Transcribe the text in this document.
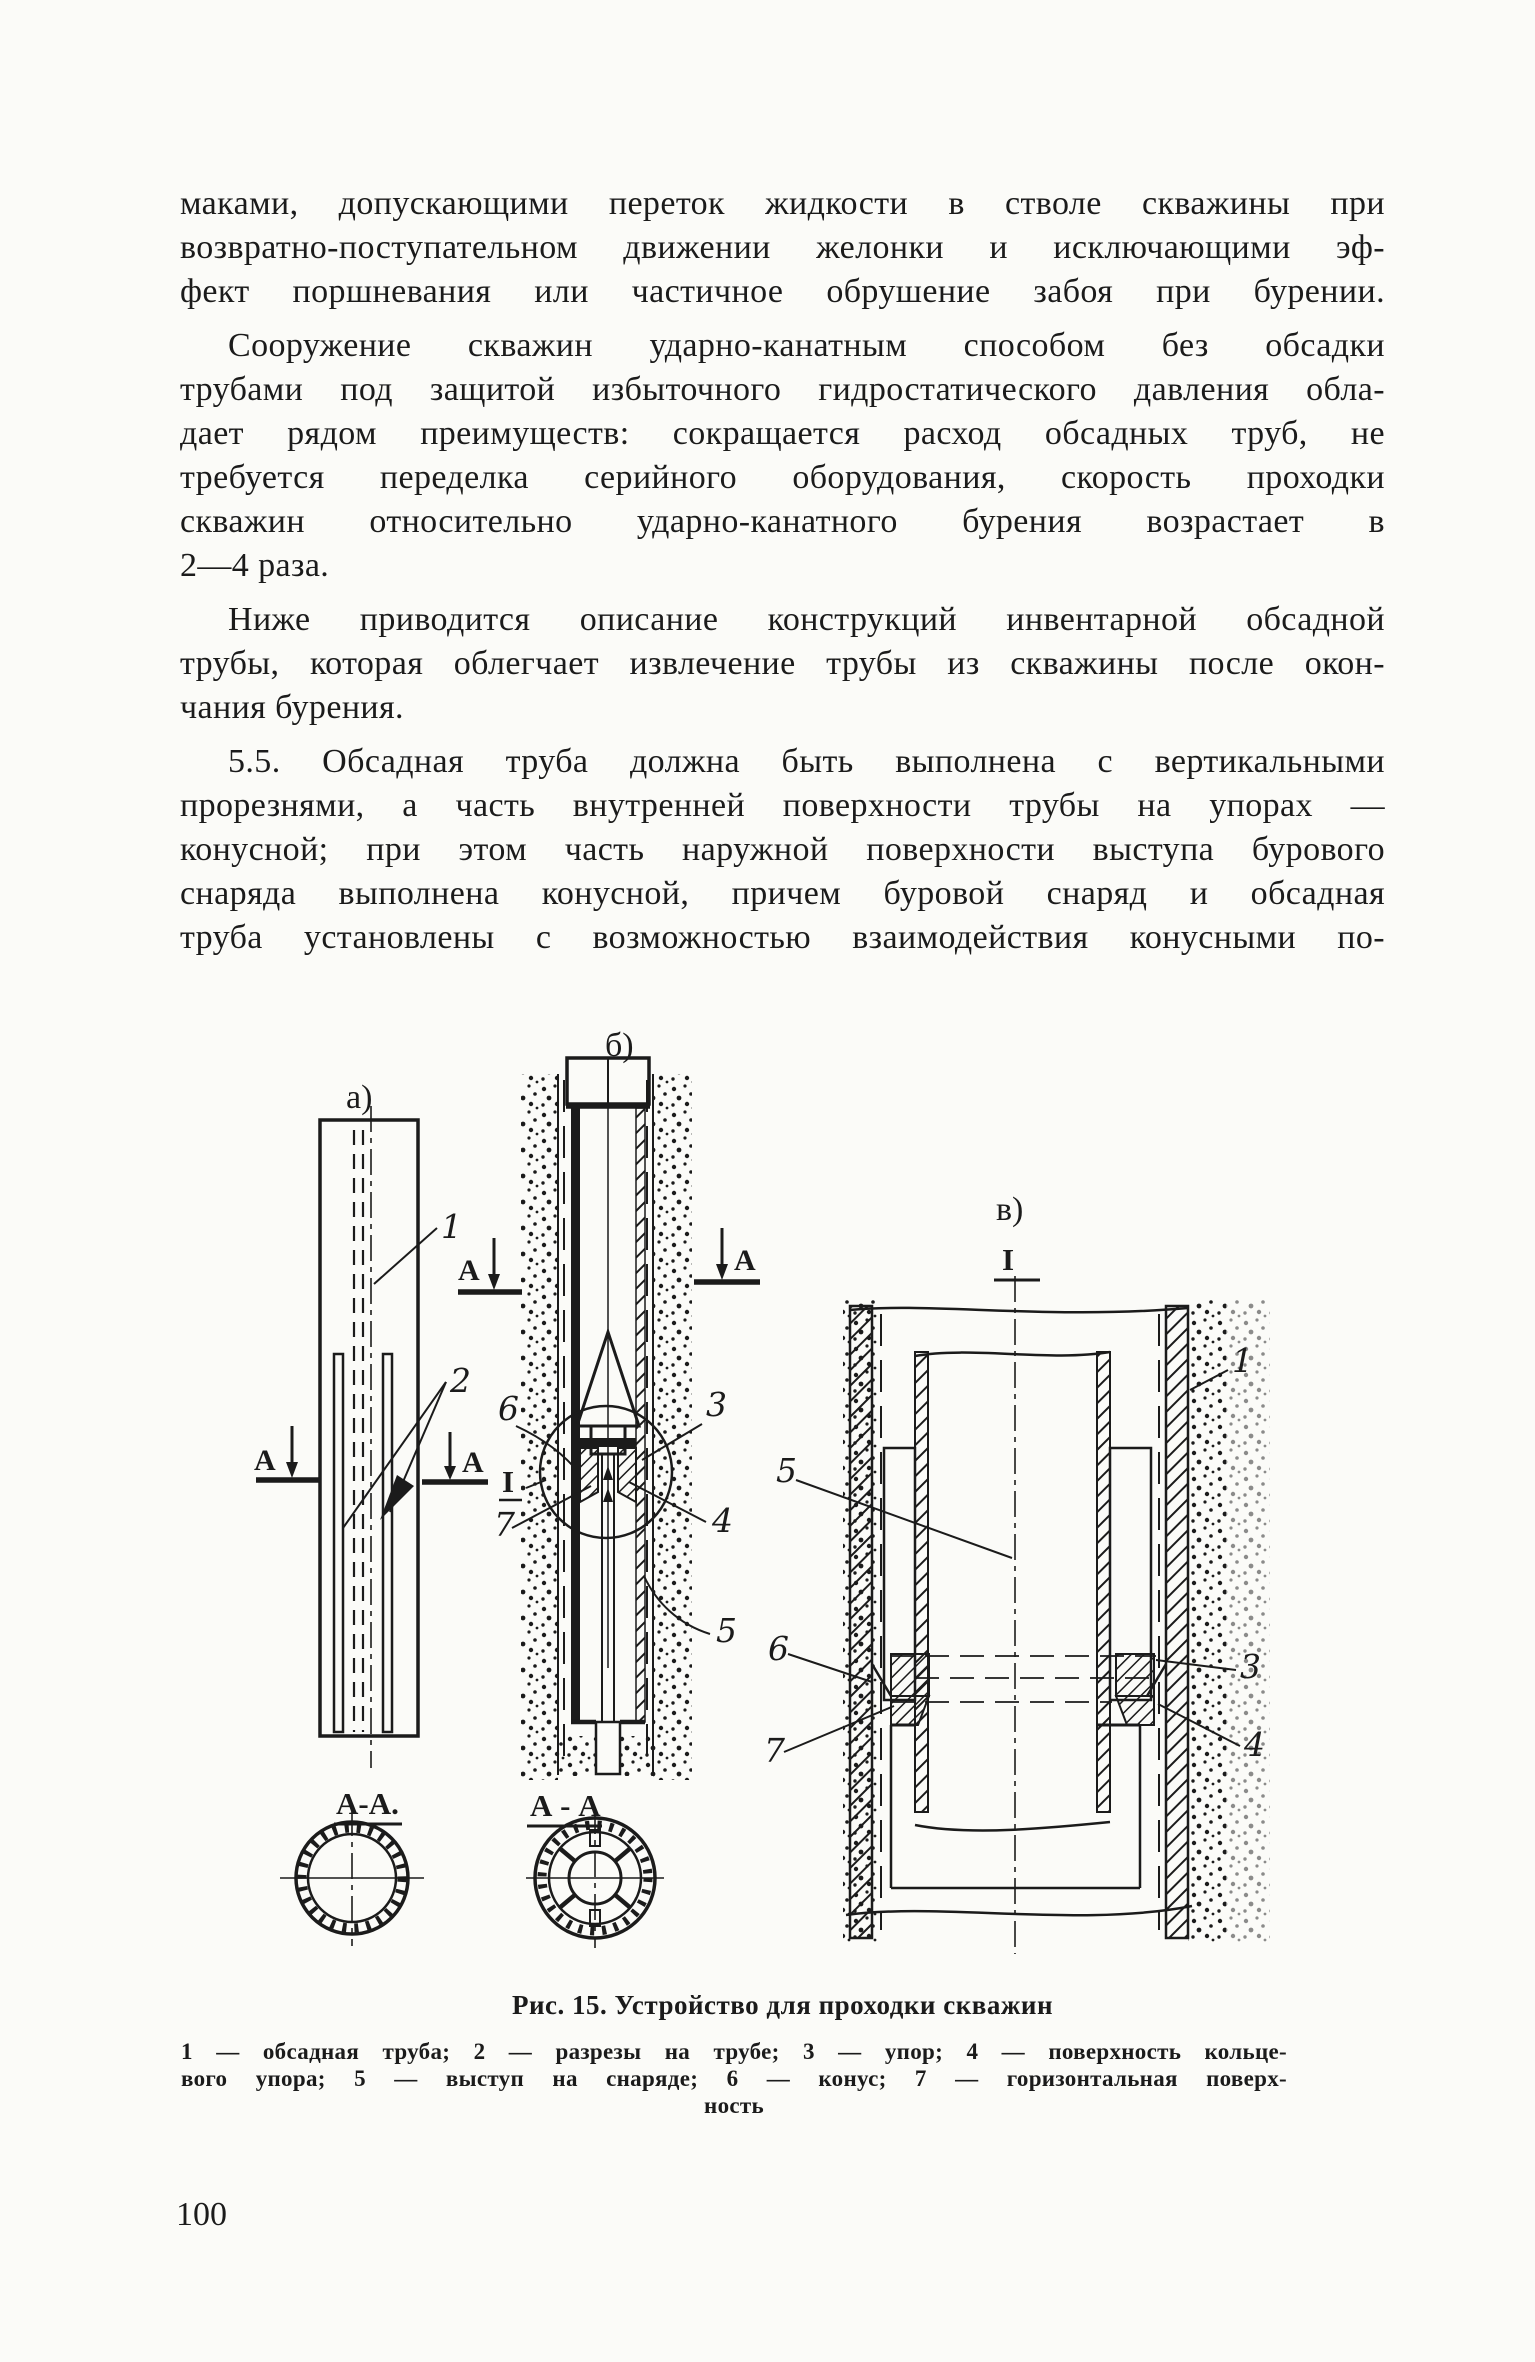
маками, допускающими переток жидкости в стволе скважины при
возвратно-поступательном движении желонки и исключающими эф-
фект поршневания или частичное обрушение забоя при бурении.
Сооружение скважин ударно-канатным способом без обсадки
трубами под защитой избыточного гидростатического давления обла-
дает рядом преимуществ: сокращается расход обсадных труб, не
требуется переделка серийного оборудования, скорость проходки
скважин относительно ударно-канатного бурения возрастает в
2—4 раза.
Ниже приводится описание конструкций инвентарной обсадной
трубы, которая облегчает извлечение трубы из скважины после окон-
чания бурения.
5.5. Обсадная труба должна быть выполнена с вертикальными
прорезнями, а часть внутренней поверхности трубы на упорах —
конусной; при этом часть наружной поверхности выступа бурового
снаряда выполнена конусной, причем буровой снаряд и обсадная
труба установлены с возможностью взаимодействия конусными по-
а)
1
2
А	А
А-А.
б)
А	А
6	3
I
7	4
5
А - А
в)
I
1
5
6
7
3
4
Рис. 15. Устройство для проходки скважин
1 — обсадная труба; 2 — разрезы на трубе; 3 — упор; 4 — поверхность кольце-
вого упора; 5 — выступ на снаряде; 6 — конус; 7 — горизонтальная поверх-
ность
100
